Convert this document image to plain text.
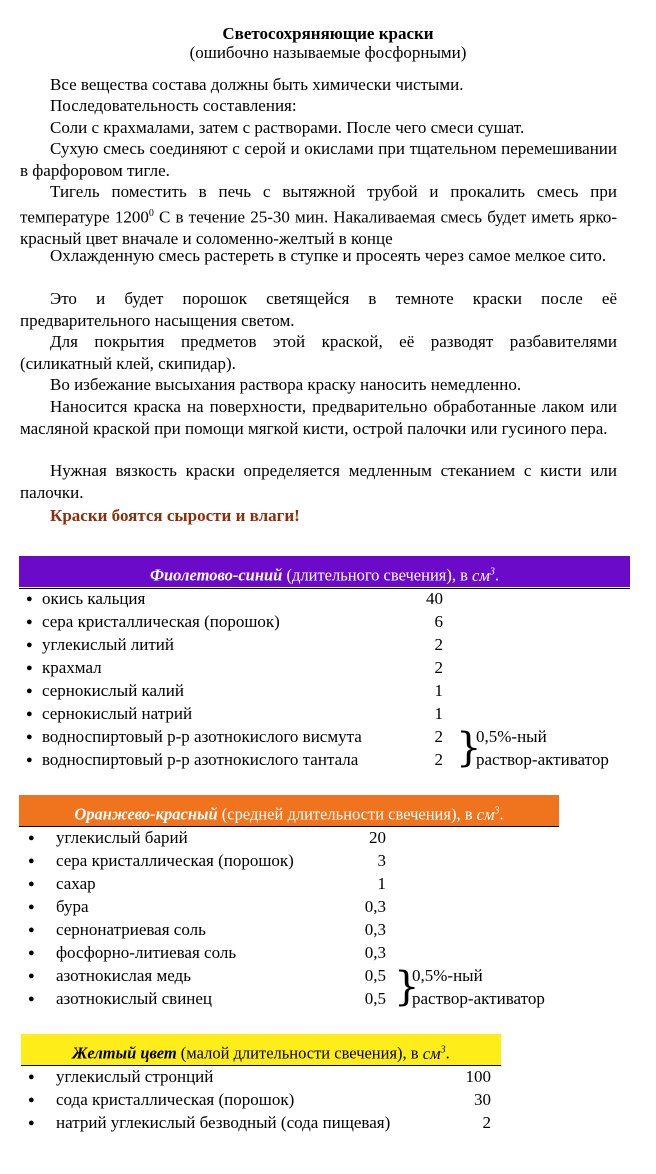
Светосохряняющие краски
(ошибочно называемые фосфорными)

Все вещества состава должны быть химически чистыми.

Последовательность составления:

Соли с крахмалами, затем с растворами. После чего смеси сушат.

Сухую смесь соединяют с серой и окислами при тщательном перемешивании в фарфоровом тигле.

Тигель поместить в печь с вытяжной трубой и прокалить смесь при температуре 1200$^0$ С в течение 25-30 мин. Накаливаемая смесь будет иметь ярко-красный цвет вначале и соломенно-желтый в конце

Охлажденную смесь растереть в ступке и просеять через самое мелкое сито.

Это и будет порошок светящейся в темноте краски после её предварительного насыщения светом.

Для покрытия предметов этой краской, её разводят разбавителями (силикатный клей, скипидар).

Во избежание высыхания раствора краску наносить немедленно.

Наносится краска на поверхности, предварительно обработанные лаком или масляной краской при помощи мягкой кисти, острой палочки или гусиного пера.

Нужная вязкость краски определяется медленным стеканием с кисти или палочки.

Краски боятся сырости и влаги!
Фиолетово-синий (длительного свечения), в $см^3$.
● окись кальция	40
● сера кристаллическая (порошок)	6
● углекислый литий	2
● крахмал	2
● сернокислый калий	1
● сернокислый натрий	1
● водноспиртовый р-р азотнокислого висмута	2
● водноспиртовый р-р азотнокислого тантала	2 }
0,5%-ный
раствор-активатор
Оранжево-красный (средней длительности свечения), в $см^3$.
● углекислый барий	20
● сера кристаллическая (порошок)	3
● сахар	1
● бура	0,3
● сернонатриевая соль	0,3
● фосфорно-литиевая соль	0,3
● азотнокислая медь	0,5
● азотнокислый свинец	0,5 }
0,5%-ный
раствор-активатор
Желтый цвет (малой длительности свечения), в $см^3$.
● углекислый стронций	100
● сода кристаллическая (порошок)	30
● натрий углекислый безводный (сода пищевая)	2
